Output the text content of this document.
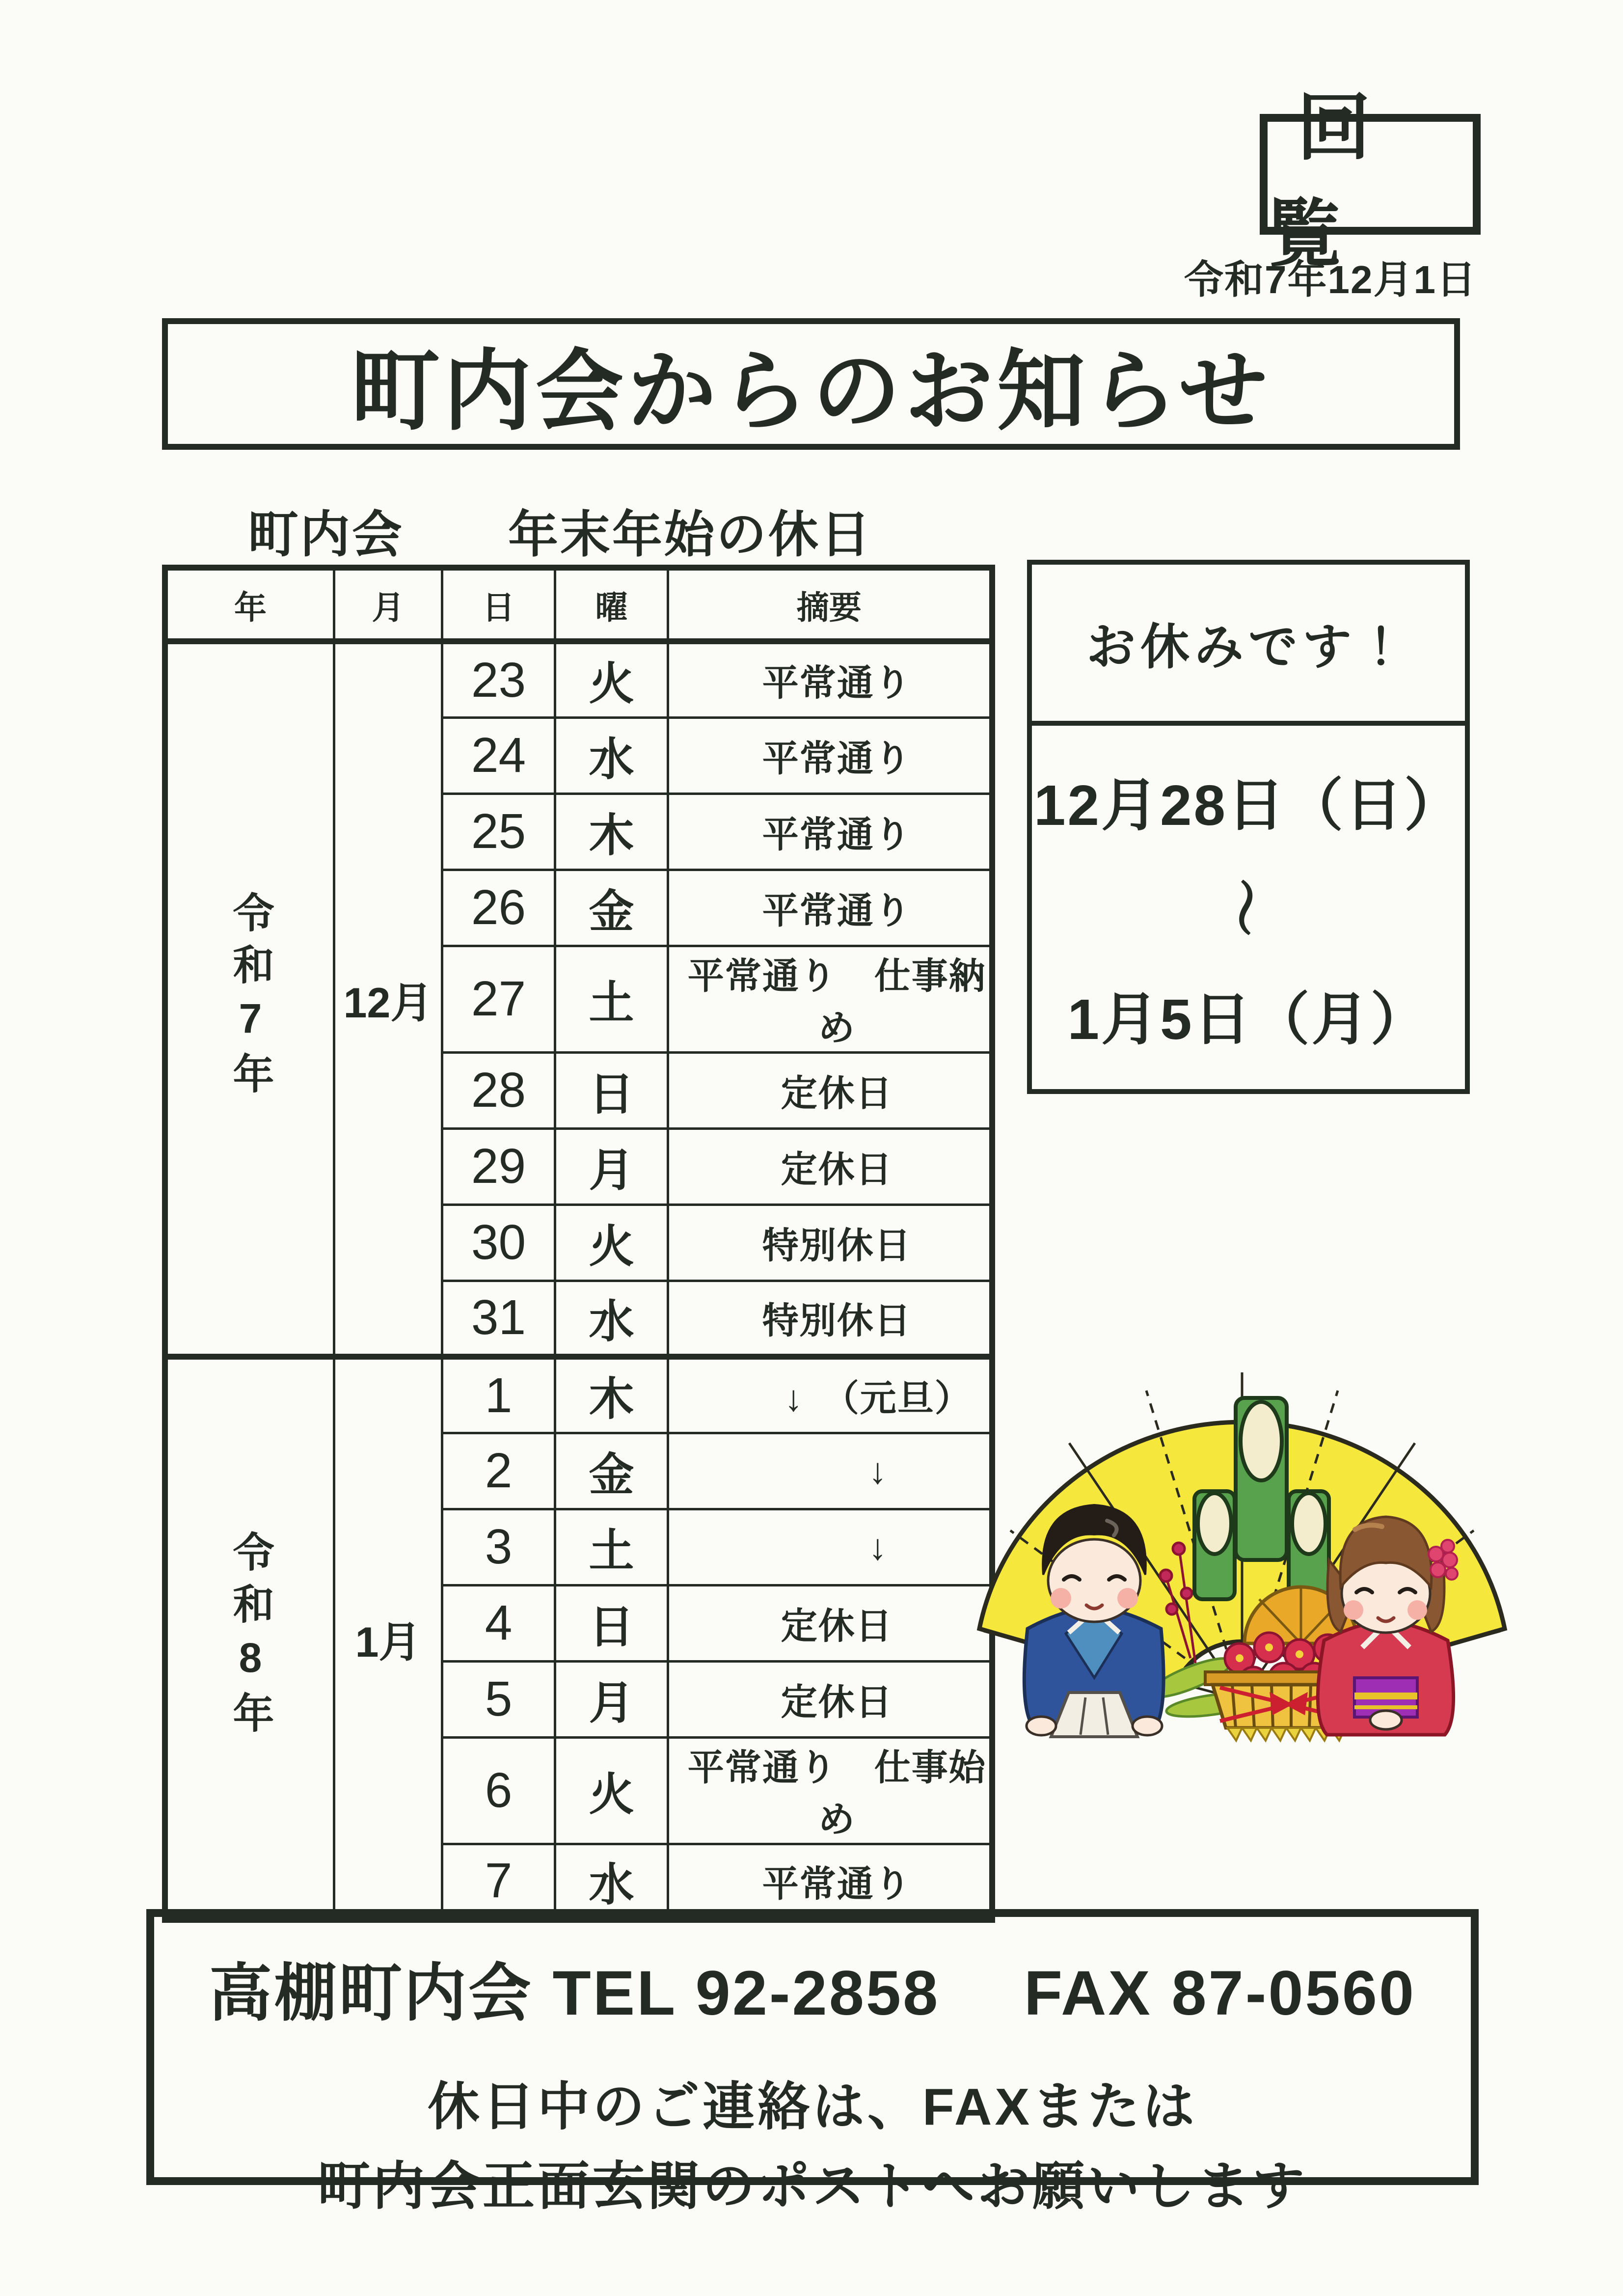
回覧
令和7年12月1日
町内会からのお知らせ
町内会　　年末年始の休日
年	月	日	曜	摘要
令和7年	12月	23	火	平常通り
		24	水	平常通り
		25	木	平常通り
		26	金	平常通り
		27	土	平常通り　仕事納め
		28	日	定休日
		29	月	定休日
		30	火	特別休日
		31	水	特別休日
令和8年	1月	1	木	↓　（元旦）
		2	金	↓
		3	土	↓
		4	日	定休日
		5	月	定休日
		6	火	平常通り　仕事始め
		7	水	平常通り
お休みです！
12月28日（日）
〜
1月5日（月）
高棚町内会 TEL 92-2858　 FAX 87-0560
休日中のご連絡は、FAXまたは
町内会正面玄関のポストへお願いします
